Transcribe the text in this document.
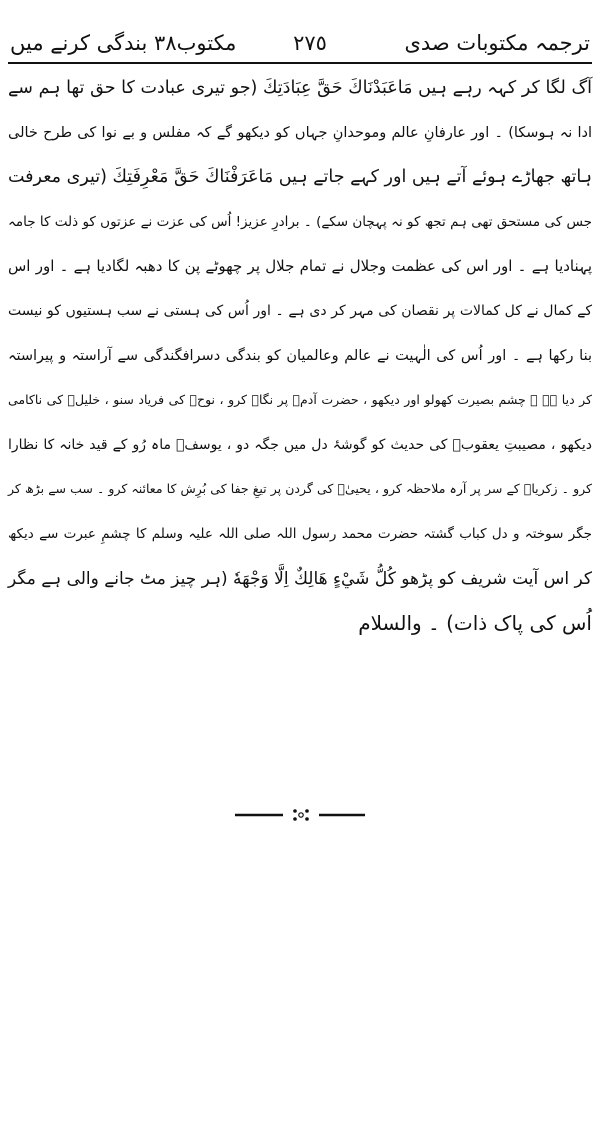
مکتوب٣٨ بندگی کرنے میں	٢٧٥	ترجمہ مکتوبات صدی
آگ لگا کر کہہ رہے ہیں مَاعَبَدْنَاكَ حَقَّ عِبَادَتِكَ (جو تیری عبادت کا حق تھا ہم سے
ادا نہ ہوسکا) ۔ اور عارفانِ عالم وموحدانِ جہاں کو دیکھو گے کہ مفلس و بے نوا کی طرح خالی
ہاتھ جھاڑے ہوئے آتے ہیں اور کہے جاتے ہیں مَاعَرَفْنَاكَ حَقَّ مَعْرِفَتِكَ (تیری معرفت
جس کی مستحق تھی ہم تجھ کو نہ پہچان سکے) ۔ برادرِ عزیز! اُس کی عزت نے عزتوں کو ذلت کا جامہ
پہنادیا ہے ۔ اور اس کی عظمت وجلال نے تمام جلال پر چھوٹے پن کا دھبہ لگادیا ہے ۔ اور اس
کے کمال نے کل کمالات پر نقصان کی مہر کر دی ہے ۔ اور اُس کی ہستی نے سب ہستیوں کو نیست
بنا رکھا ہے ۔ اور اُس کی الٰہیت نے عالم وعالمیان کو بندگی دسرافگندگی سے آراستہ و پیراستہ
کر دیا ہے ۔ چشم بصیرت کھولو اور دیکھو ، حضرت آدمؑ پر نگاہ کرو ، نوحؑ کی فریاد سنو ، خلیلؑ کی ناکامی
دیکھو ، مصیبتِ یعقوبؑ کی حدیث کو گوشۂ دل میں جگہ دو ، یوسفؑ ماہ رُو کے قید خانہ کا نظارا
کرو ۔ زکریاؑ کے سر پر آرہ ملاحظہ کرو ، یحییٰؑ کی گردن پر تیغِ جفا کی بُرِش کا معائنہ کرو ۔ سب سے بڑھ کر
جگر سوختہ و دل کباب گشتہ حضرت محمد رسول اللہ صلی اللہ علیہ وسلم کا چشمِ عبرت سے دیکھ
کر اس آیت شریف کو پڑھو كُلُّ شَيْءٍ هَالِكٌ اِلَّا وَجْهَهٗ (ہر چیز مٹ جانے والی ہے مگر
اُس کی پاک ذات) ۔ والسلام
